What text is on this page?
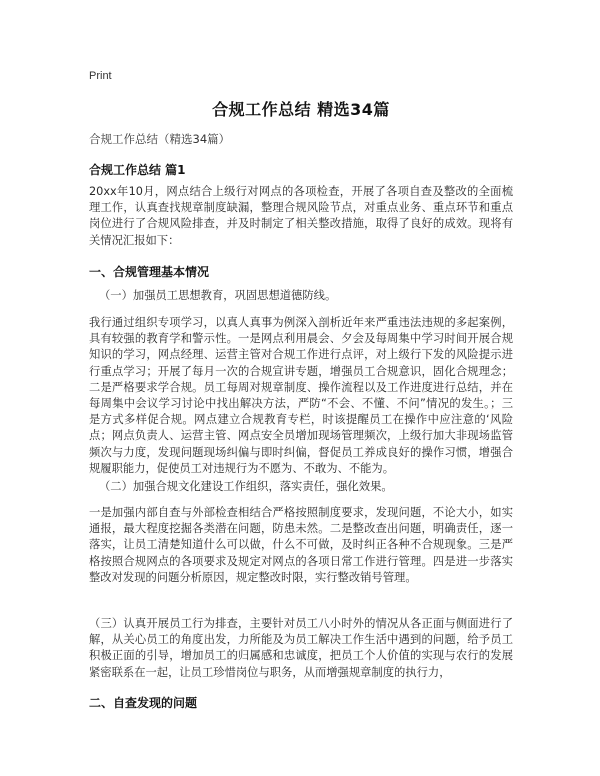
Print
合规工作总结 精选34篇
合规工作总结（精选34篇）
合规工作总结 篇1
20xx年10月，网点结合上级行对网点的各项检查，开展了各项自查及整改的全面梳理工作，认真查找规章制度缺漏，整理合规风险节点，对重点业务、重点环节和重点岗位进行了合规风险排查，并及时制定了相关整改措施，取得了良好的成效。现将有关情况汇报如下：
一、合规管理基本情况
（一）加强员工思想教育，巩固思想道德防线。
我行通过组织专项学习，以真人真事为例深入剖析近年来严重违法违规的多起案例，具有较强的教育学和警示性。一是网点利用晨会、夕会及每周集中学习时间开展合规知识的学习，网点经理、运营主管对合规工作进行点评，对上级行下发的风险提示进行重点学习；开展了每月一次的合规宣讲专题，增强员工合规意识，固化合规理念；二是严格要求学合规。员工每周对规章制度、操作流程以及工作进度进行总结，并在每周集中会议学习讨论中找出解决方法，严防“不会、不懂、不问”情况的发生。；三是方式多样促合规。网点建立合规教育专栏，时该提醒员工在操作中应注意的‘风险点；网点负责人、运营主管、网点安全员增加现场管理频次，上级行加大非现场监管频次与力度，发现问题现场纠偏与即时纠偏，督促员工养成良好的操作习惯，增强合规履职能力，促使员工对违规行为不愿为、不敢为、不能为。
（二）加强合规文化建设工作组织，落实责任，强化效果。
一是加强内部自查与外部检查相结合严格按照制度要求，发现问题，不论大小，如实通报，最大程度挖掘各类潜在问题，防患未然。二是整改查出问题，明确责任，逐一落实，让员工清楚知道什么可以做，什么不可做，及时纠正各种不合规现象。三是严格按照合规网点的各项要求及规定对网点的各项日常工作进行管理。四是进一步落实整改对发现的问题分析原因，规定整改时限，实行整改销号管理。
（三）认真开展员工行为排查，主要针对员工八小时外的情况从各正面与侧面进行了解，从关心员工的角度出发，力所能及为员工解决工作生活中遇到的问题，给予员工积极正面的引导，增加员工的归属感和忠诚度，把员工个人价值的实现与农行的发展紧密联系在一起，让员工珍惜岗位与职务，从而增强规章制度的执行力，
二、自查发现的问题
